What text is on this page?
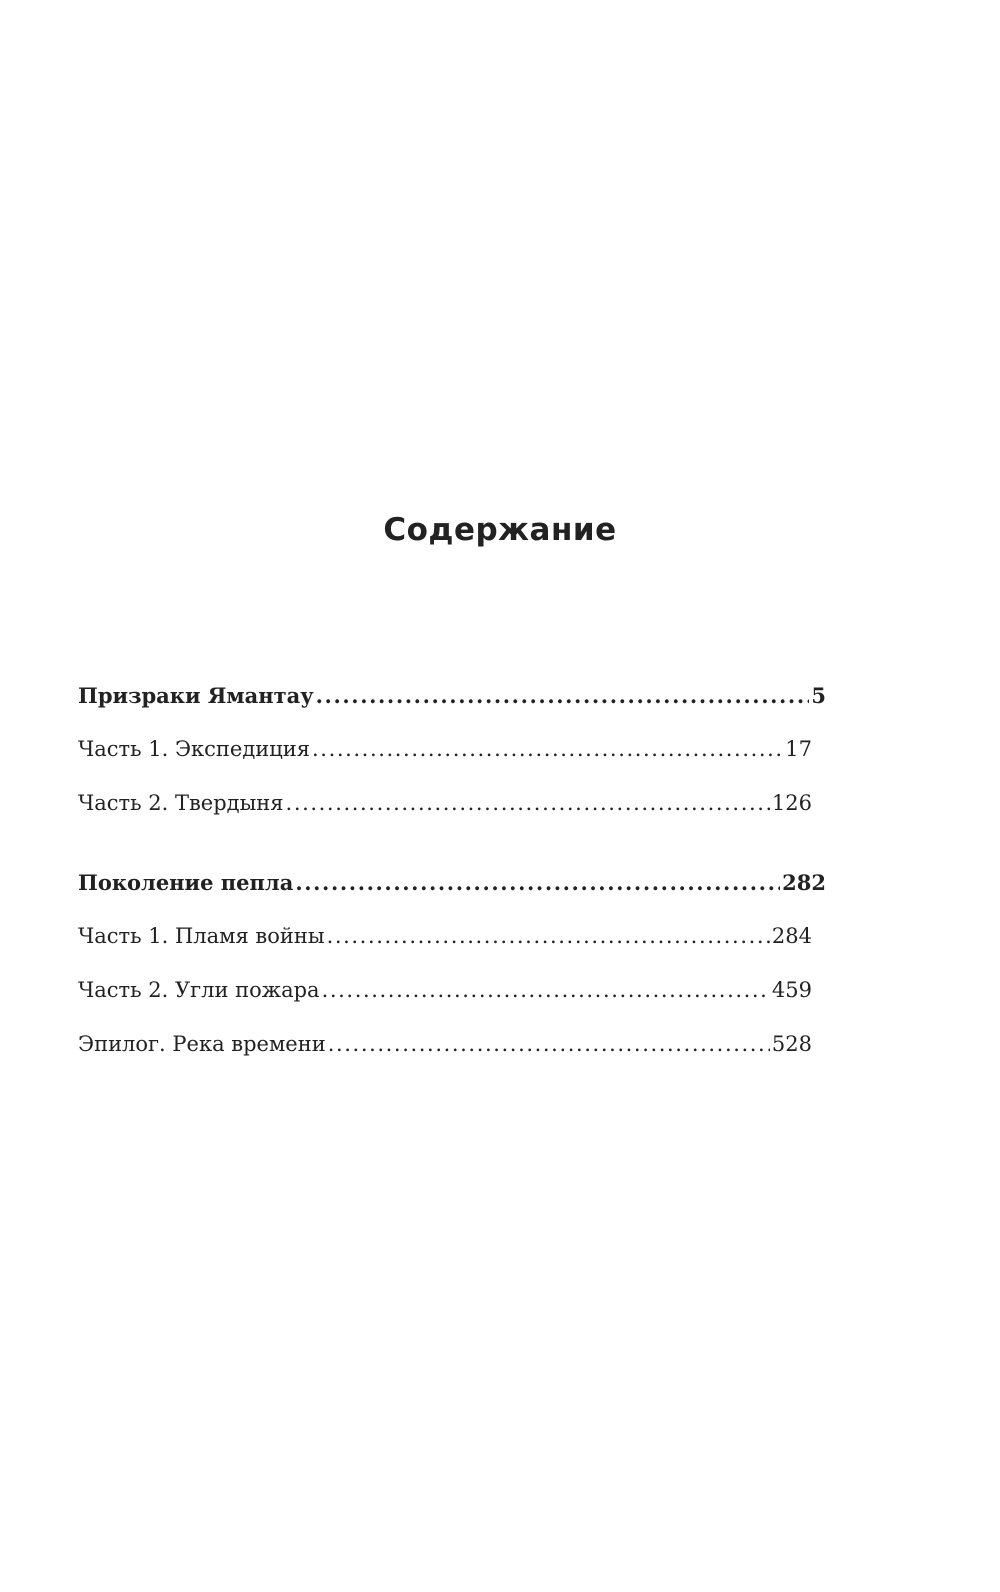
Содержание
Призраки Ямантау .....	5
Часть 1. Экспедиция .....	17
Часть 2. Твердыня .....	126
Поколение пепла .....	282
Часть 1. Пламя войны .....	284
Часть 2. Угли пожара .....	459
Эпилог. Река времени .....	528
